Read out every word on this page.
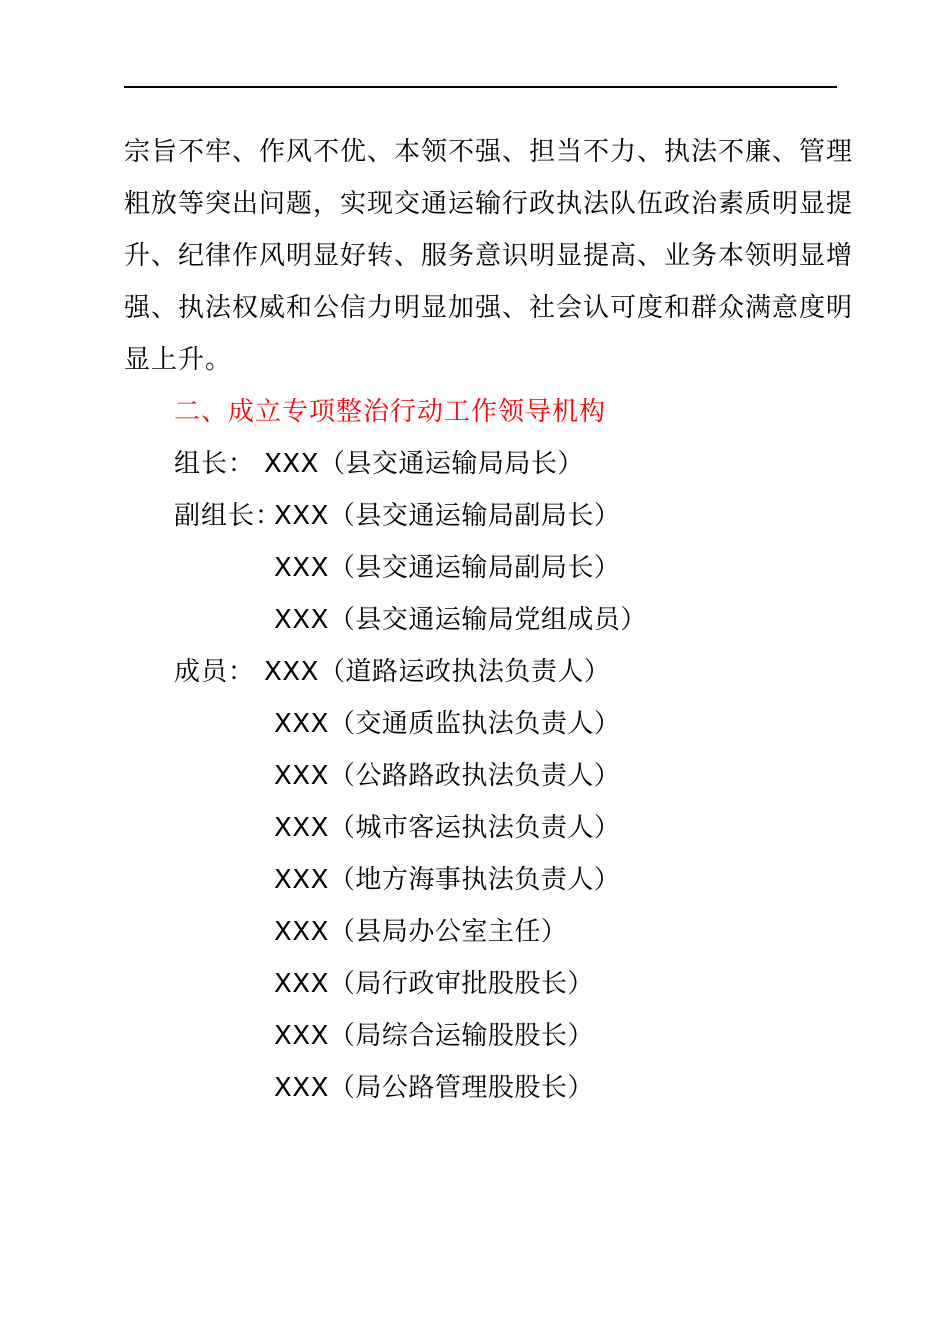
宗旨不牢、作风不优、本领不强、担当不力、执法不廉、管理
粗放等突出问题，实现交通运输行政执法队伍政治素质明显提
升、纪律作风明显好转、服务意识明显提高、业务本领明显增
强、执法权威和公信力明显加强、社会认可度和群众满意度明
显上升。
二、成立专项整治行动工作领导机构
组长： XXX（县交通运输局局长）
副组长：
XXX（县交通运输局副局长）
XXX（县交通运输局副局长）
XXX（县交通运输局党组成员）
成员： XXX（道路运政执法负责人）
XXX（交通质监执法负责人）
XXX（公路路政执法负责人）
XXX（城市客运执法负责人）
XXX（地方海事执法负责人）
XXX（县局办公室主任）
XXX（局行政审批股股长）
XXX（局综合运输股股长）
XXX（局公路管理股股长）
